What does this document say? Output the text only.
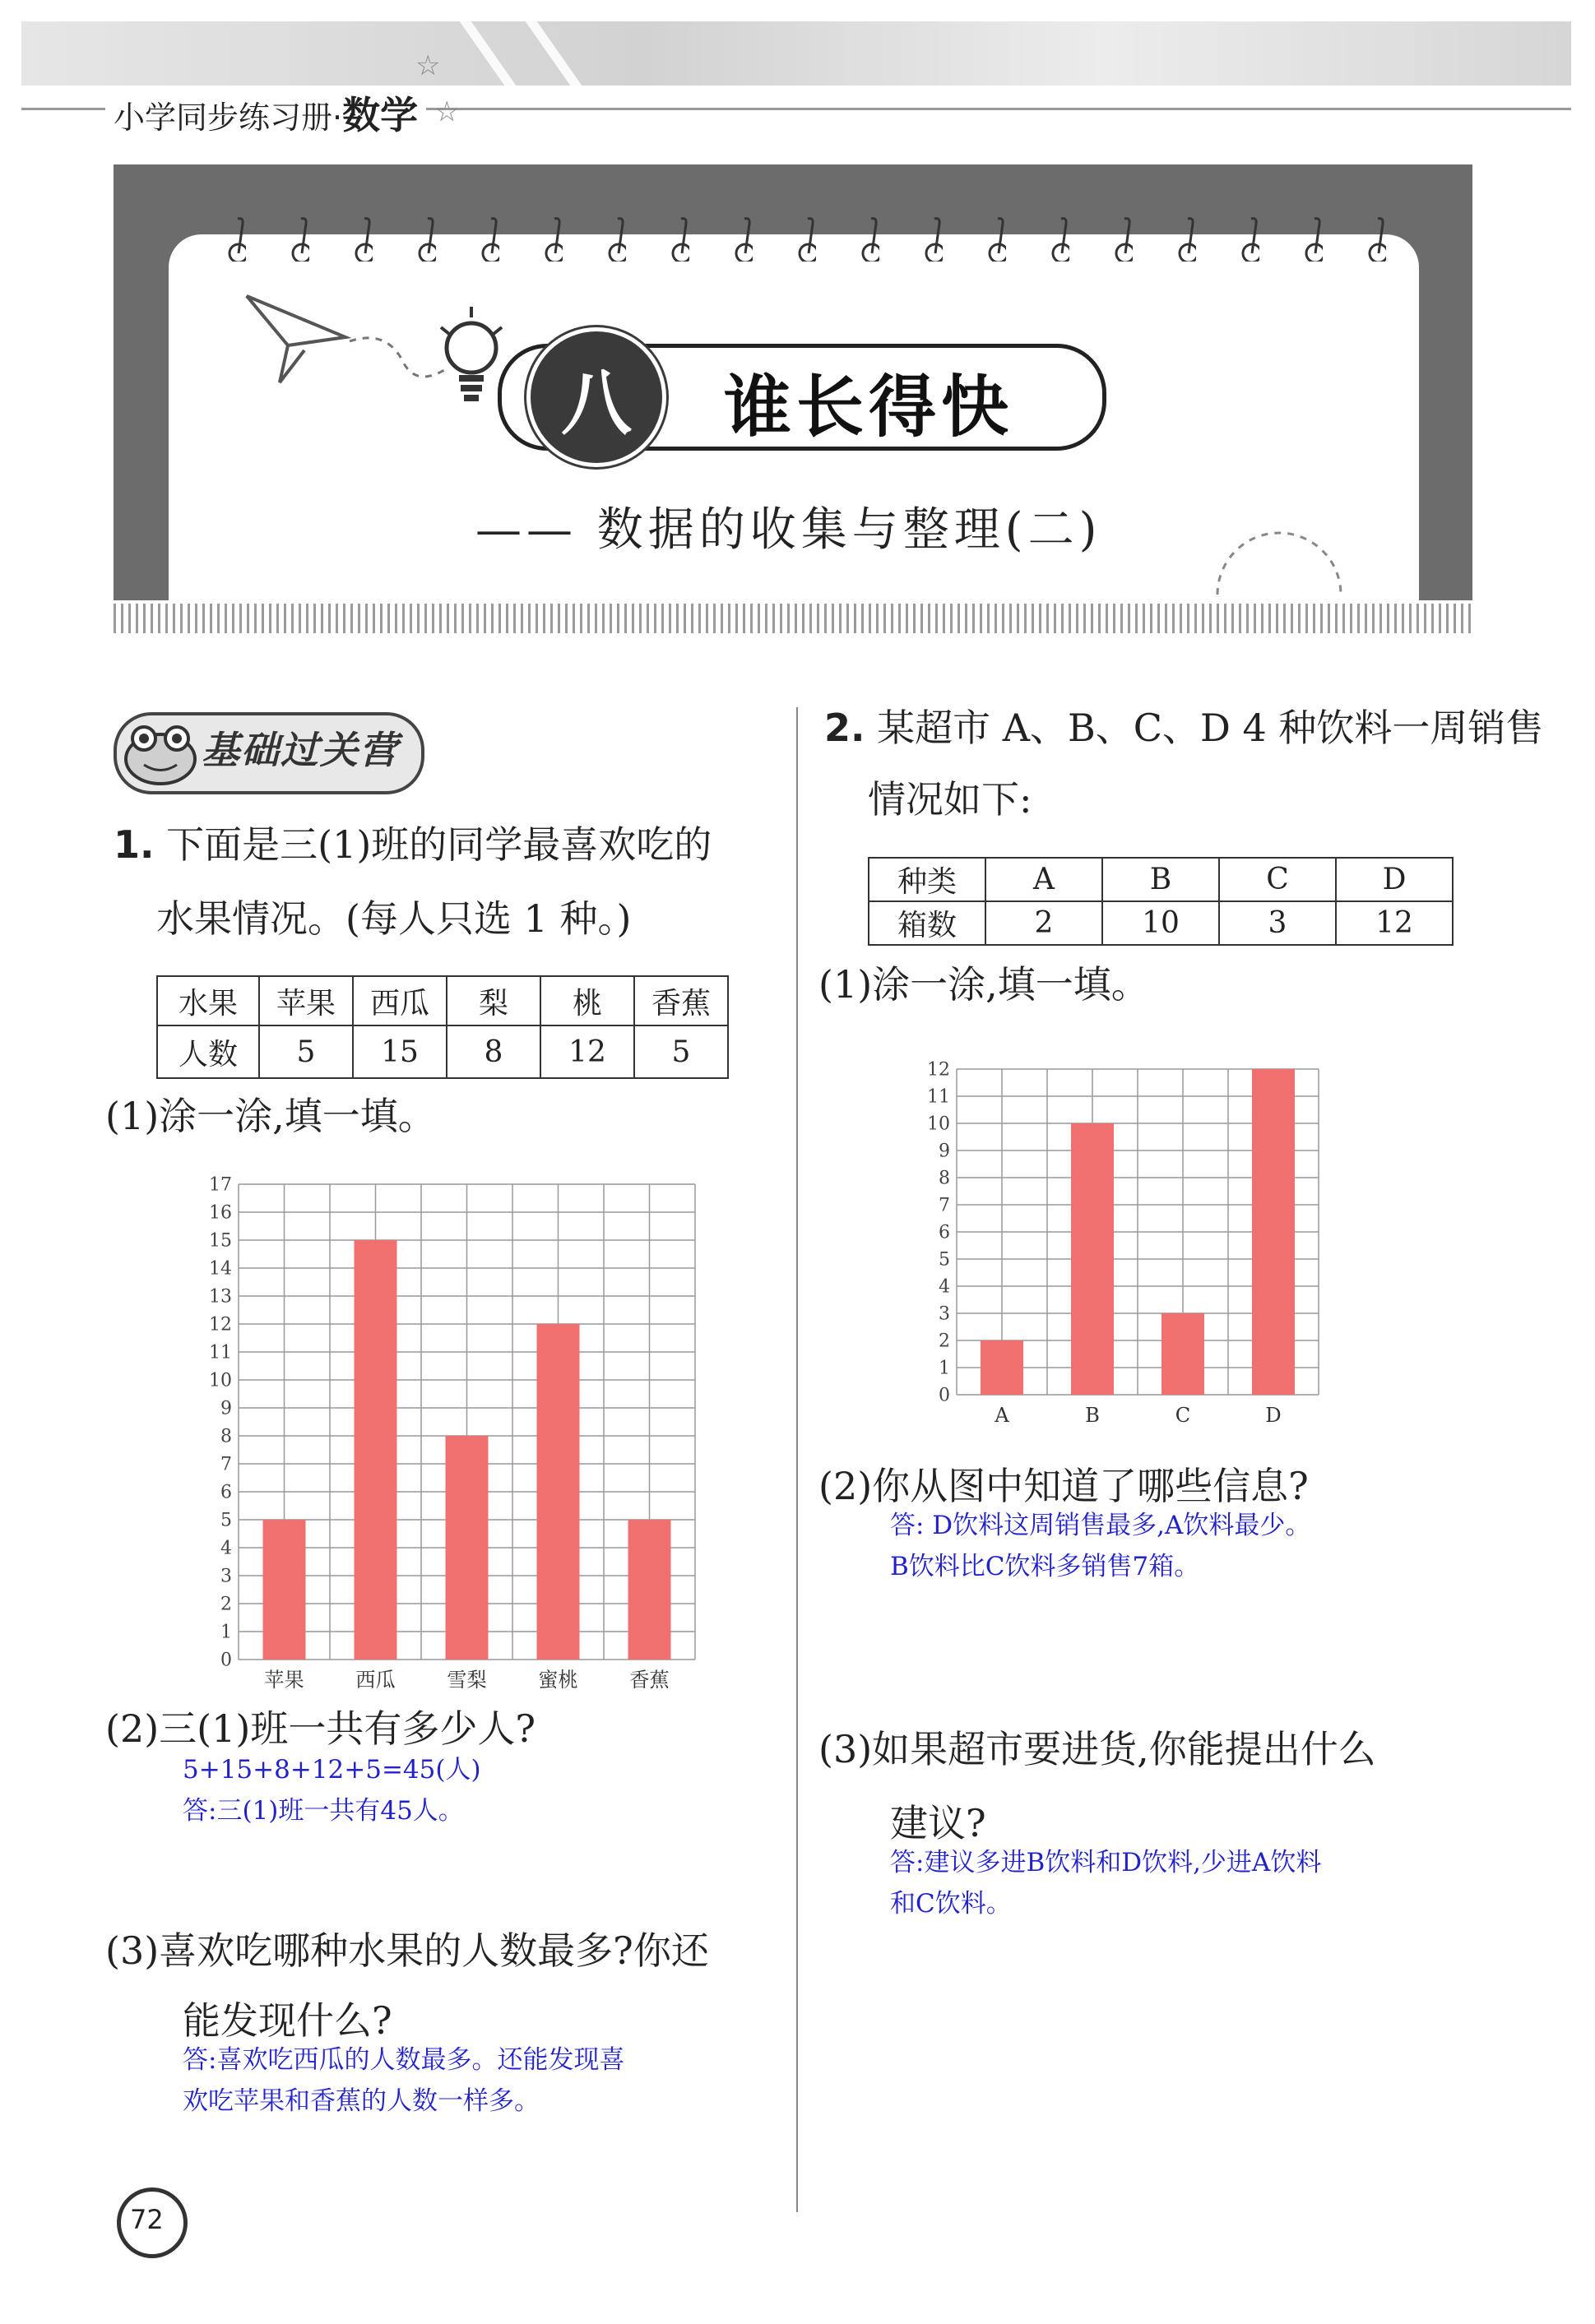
小学同步练习册·数学
☆
☆
八	谁长得快
—— 数据的收集与整理(二)
基础过关营
1. 下面是三(1)班的同学最喜欢吃的
水果情况。(每人只选 1 种。)
水果	苹果	西瓜	梨	桃	香蕉
人数	5	15	8	12	5
(1)涂一涂,填一填。
0
1
2
3
4
5
6
7
8
9
10
11
12
13
14
15
16
17
苹果	西瓜	雪梨	蜜桃	香蕉
(2)三(1)班一共有多少人?
5+15+8+12+5=45(人)
答:三(1)班一共有45人。
(3)喜欢吃哪种水果的人数最多?你还
能发现什么?
答:喜欢吃西瓜的人数最多。还能发现喜
欢吃苹果和香蕉的人数一样多。
2. 某超市 A、B、C、D 4 种饮料一周销售
情况如下:
种类	A	B	C	D
箱数	2	10	3	12
(1)涂一涂,填一填。
0
1
2
3
4
5
6
7
8
9
10
11
12
A	B	C	D
(2)你从图中知道了哪些信息?
答: D饮料这周销售最多,A饮料最少。
B饮料比C饮料多销售7箱。
(3)如果超市要进货,你能提出什么
建议?
答:建议多进B饮料和D饮料,少进A饮料
和C饮料。
72
